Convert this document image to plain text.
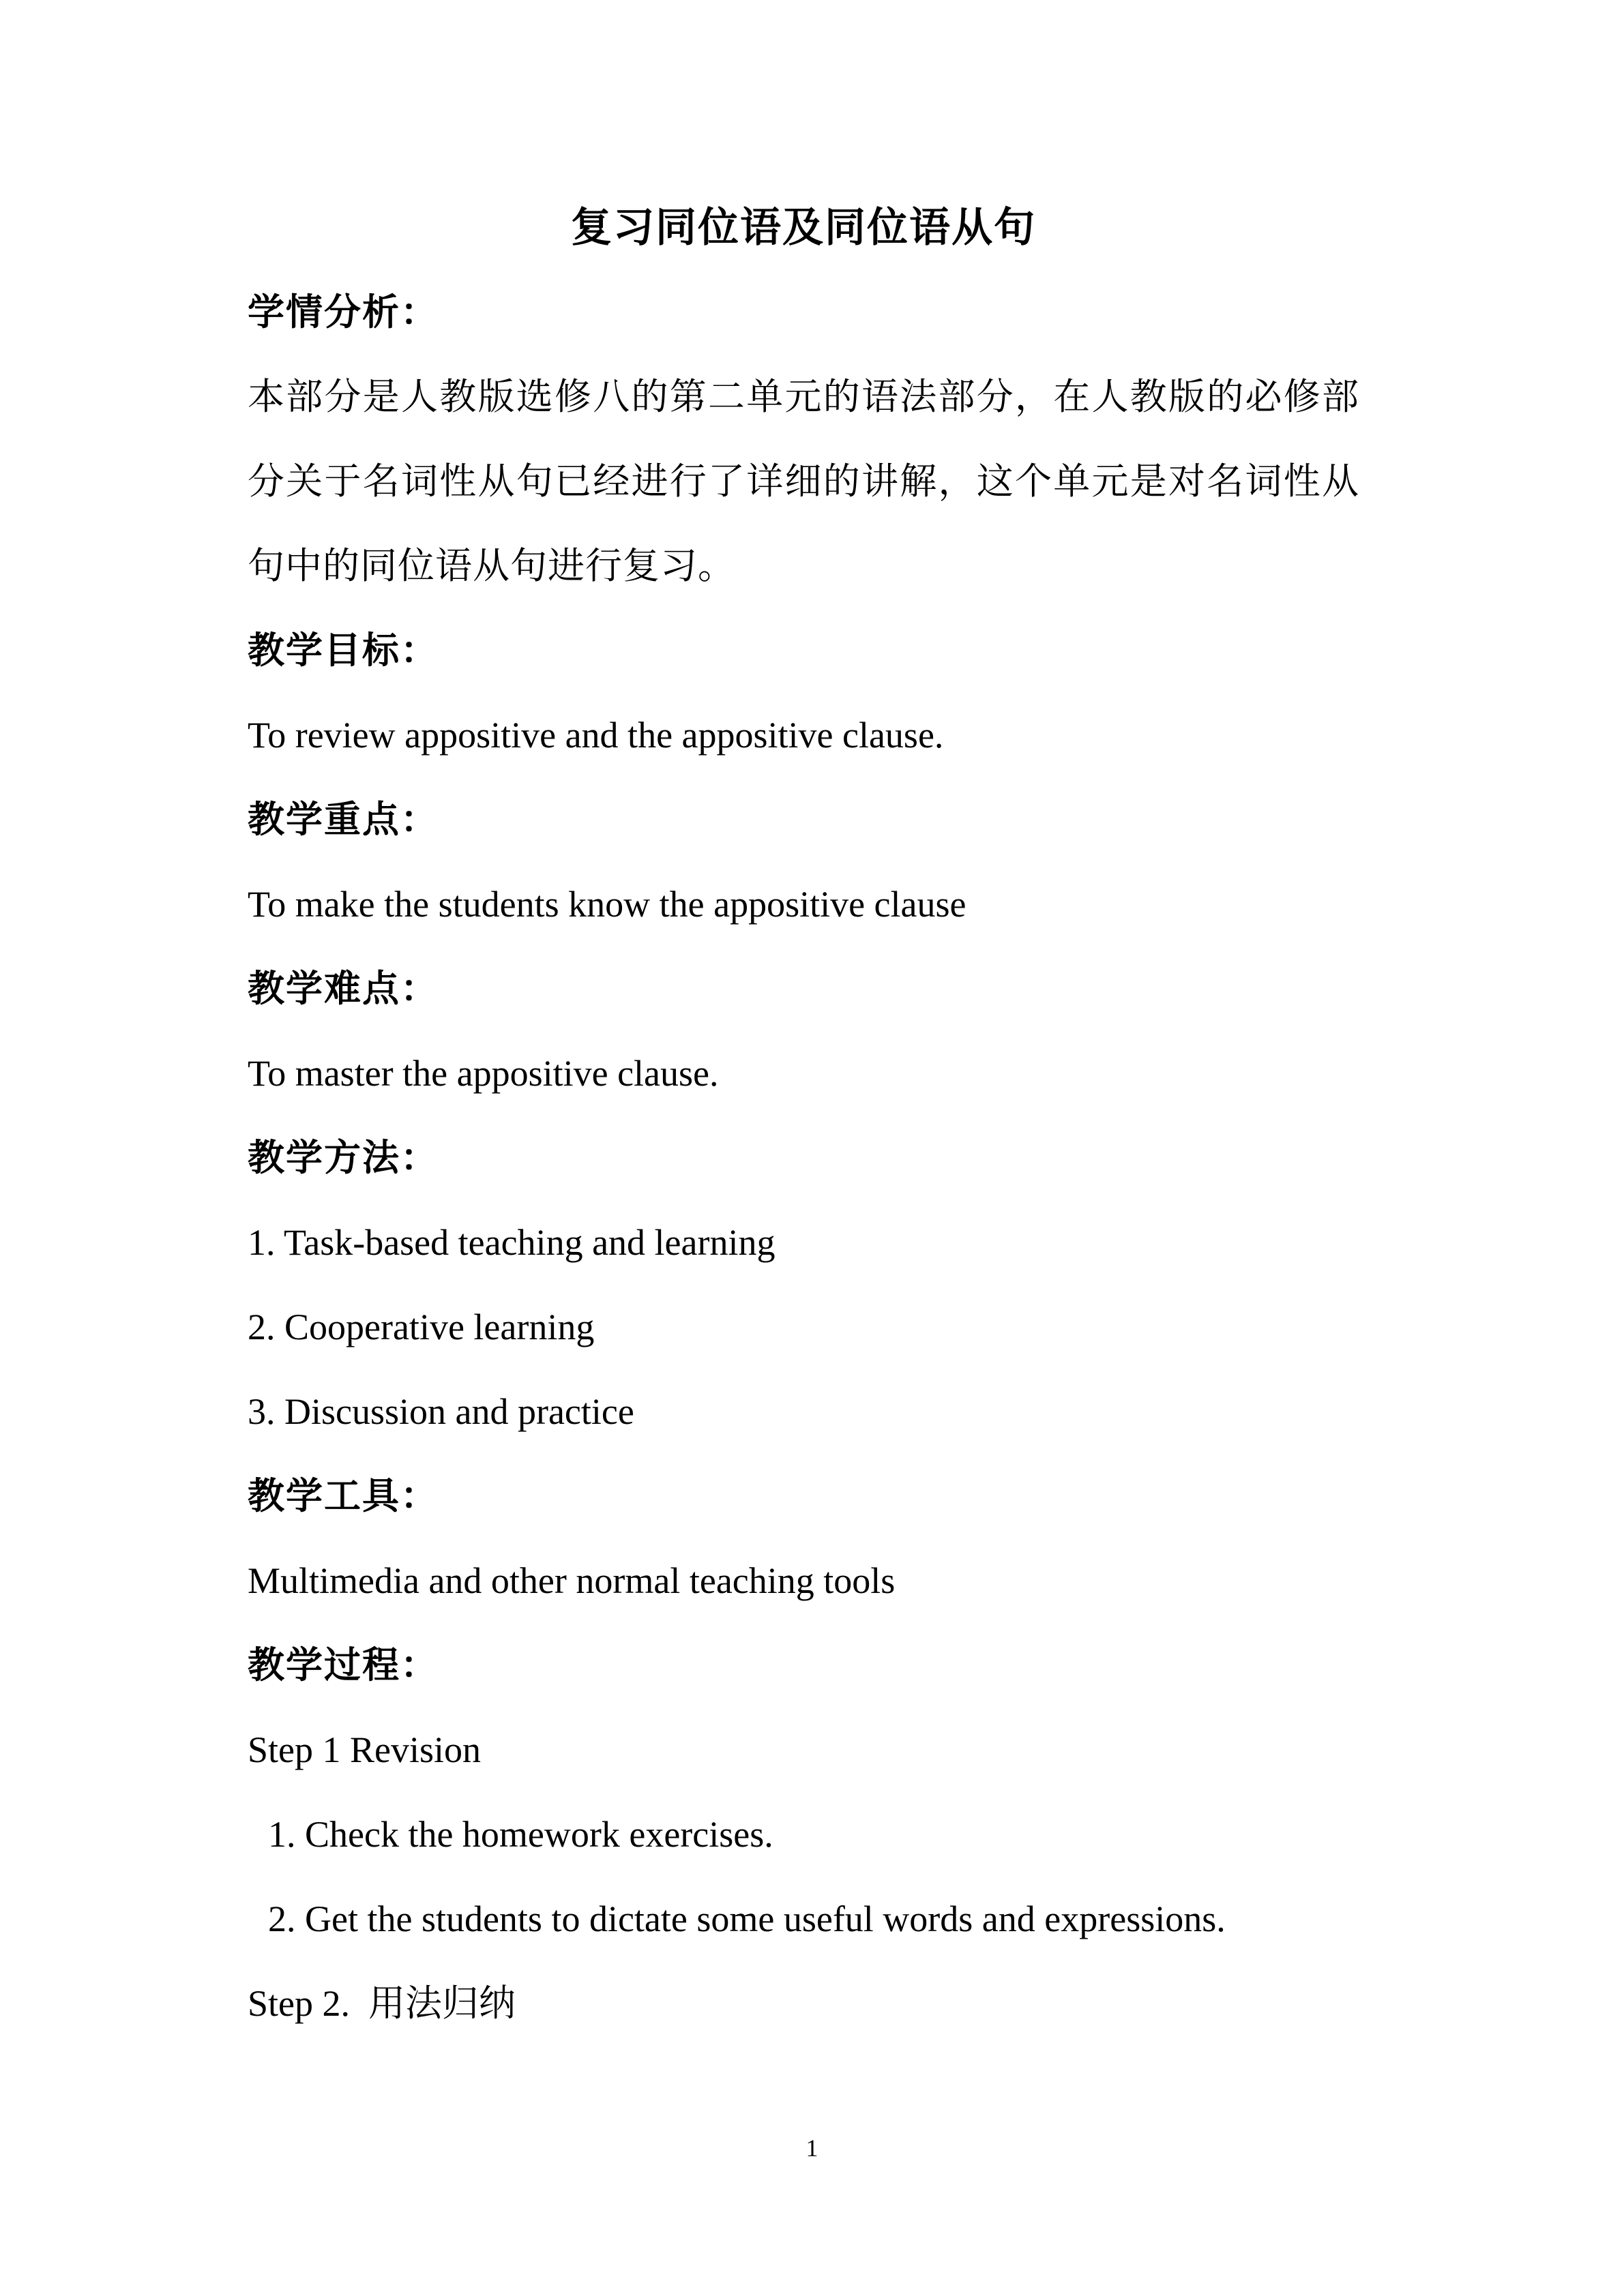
复习同位语及同位语从句

学情分析：

本部分是人教版选修八的第二单元的语法部分，在人教版的必修部分关于名词性从句已经进行了详细的讲解，这个单元是对名词性从句中的同位语从句进行复习。

教学目标：

To review appositive and the appositive clause.

教学重点：

To make the students know the appositive clause

教学难点：

To master the appositive clause.

教学方法：

1. Task-based teaching and learning

2. Cooperative learning

3. Discussion and practice

教学工具：

Multimedia and other normal teaching tools

教学过程：

Step 1 Revision

1. Check the homework exercises.

2. Get the students to dictate some useful words and expressions.

Step 2.  用法归纳

1
